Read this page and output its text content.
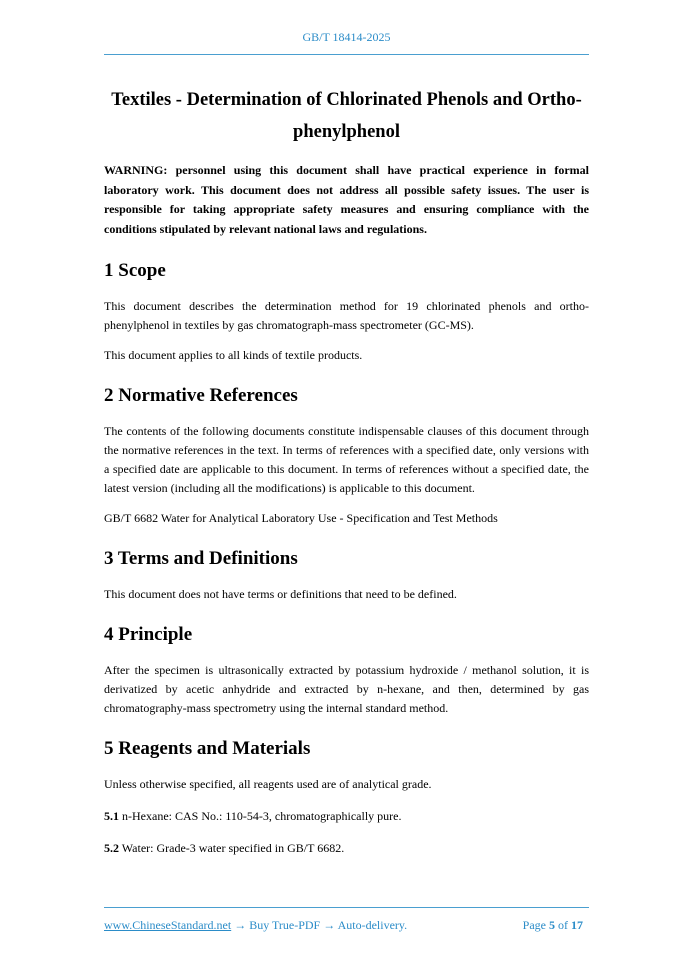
GB/T 18414-2025
Textiles - Determination of Chlorinated Phenols and Ortho-phenylphenol

WARNING: personnel using this document shall have practical experience in formal laboratory work. This document does not address all possible safety issues. The user is responsible for taking appropriate safety measures and ensuring compliance with the conditions stipulated by relevant national laws and regulations.

1 Scope

This document describes the determination method for 19 chlorinated phenols and ortho-phenylphenol in textiles by gas chromatograph-mass spectrometer (GC-MS).

This document applies to all kinds of textile products.

2 Normative References

The contents of the following documents constitute indispensable clauses of this document through the normative references in the text. In terms of references with a specified date, only versions with a specified date are applicable to this document. In terms of references without a specified date, the latest version (including all the modifications) is applicable to this document.

GB/T 6682 Water for Analytical Laboratory Use - Specification and Test Methods

3 Terms and Definitions

This document does not have terms or definitions that need to be defined.

4 Principle

After the specimen is ultrasonically extracted by potassium hydroxide / methanol solution, it is derivatized by acetic anhydride and extracted by n-hexane, and then, determined by gas chromatography-mass spectrometry using the internal standard method.

5 Reagents and Materials

Unless otherwise specified, all reagents used are of analytical grade.

5.1 n-Hexane: CAS No.: 110-54-3, chromatographically pure.

5.2 Water: Grade-3 water specified in GB/T 6682.

www.ChineseStandard.net → Buy True-PDF → Auto-delivery.	Page 5 of 17
